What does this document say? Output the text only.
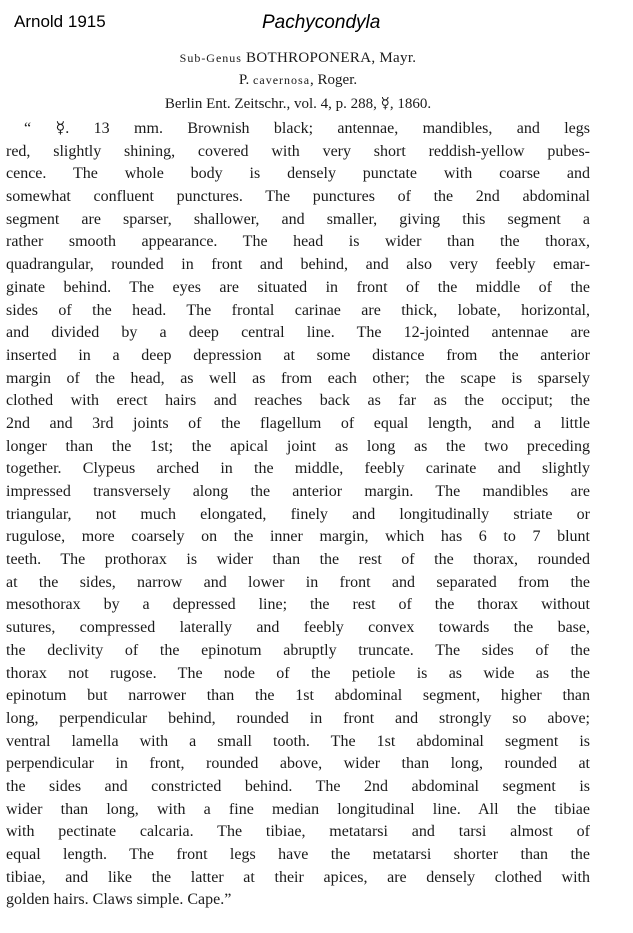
Arnold 1915	Pachycondyla
Sub-Genus BOTHROPONERA, Mayr.
P. cavernosa, Roger.
Berlin Ent. Zeitschr., vol. 4, p. 288, ☿, 1860.
“ ☿. 13 mm. Brownish black; antennae, mandibles, and legs
red, slightly shining, covered with very short reddish-yellow pubes-
cence. The whole body is densely punctate with coarse and
somewhat confluent punctures. The punctures of the 2nd abdominal
segment are sparser, shallower, and smaller, giving this segment a
rather smooth appearance. The head is wider than the thorax,
quadrangular, rounded in front and behind, and also very feebly emar-
ginate behind. The eyes are situated in front of the middle of the
sides of the head. The frontal carinae are thick, lobate, horizontal,
and divided by a deep central line. The 12-jointed antennae are
inserted in a deep depression at some distance from the anterior
margin of the head, as well as from each other; the scape is sparsely
clothed with erect hairs and reaches back as far as the occiput; the
2nd and 3rd joints of the flagellum of equal length, and a little
longer than the 1st; the apical joint as long as the two preceding
together. Clypeus arched in the middle, feebly carinate and slightly
impressed transversely along the anterior margin. The mandibles are
triangular, not much elongated, finely and longitudinally striate or
rugulose, more coarsely on the inner margin, which has 6 to 7 blunt
teeth. The prothorax is wider than the rest of the thorax, rounded
at the sides, narrow and lower in front and separated from the
mesothorax by a depressed line; the rest of the thorax without
sutures, compressed laterally and feebly convex towards the base,
the declivity of the epinotum abruptly truncate. The sides of the
thorax not rugose. The node of the petiole is as wide as the
epinotum but narrower than the 1st abdominal segment, higher than
long, perpendicular behind, rounded in front and strongly so above;
ventral lamella with a small tooth. The 1st abdominal segment is
perpendicular in front, rounded above, wider than long, rounded at
the sides and constricted behind. The 2nd abdominal segment is
wider than long, with a fine median longitudinal line. All the tibiae
with pectinate calcaria. The tibiae, metatarsi and tarsi almost of
equal length. The front legs have the metatarsi shorter than the
tibiae, and like the latter at their apices, are densely clothed with
golden hairs. Claws simple. Cape.”
